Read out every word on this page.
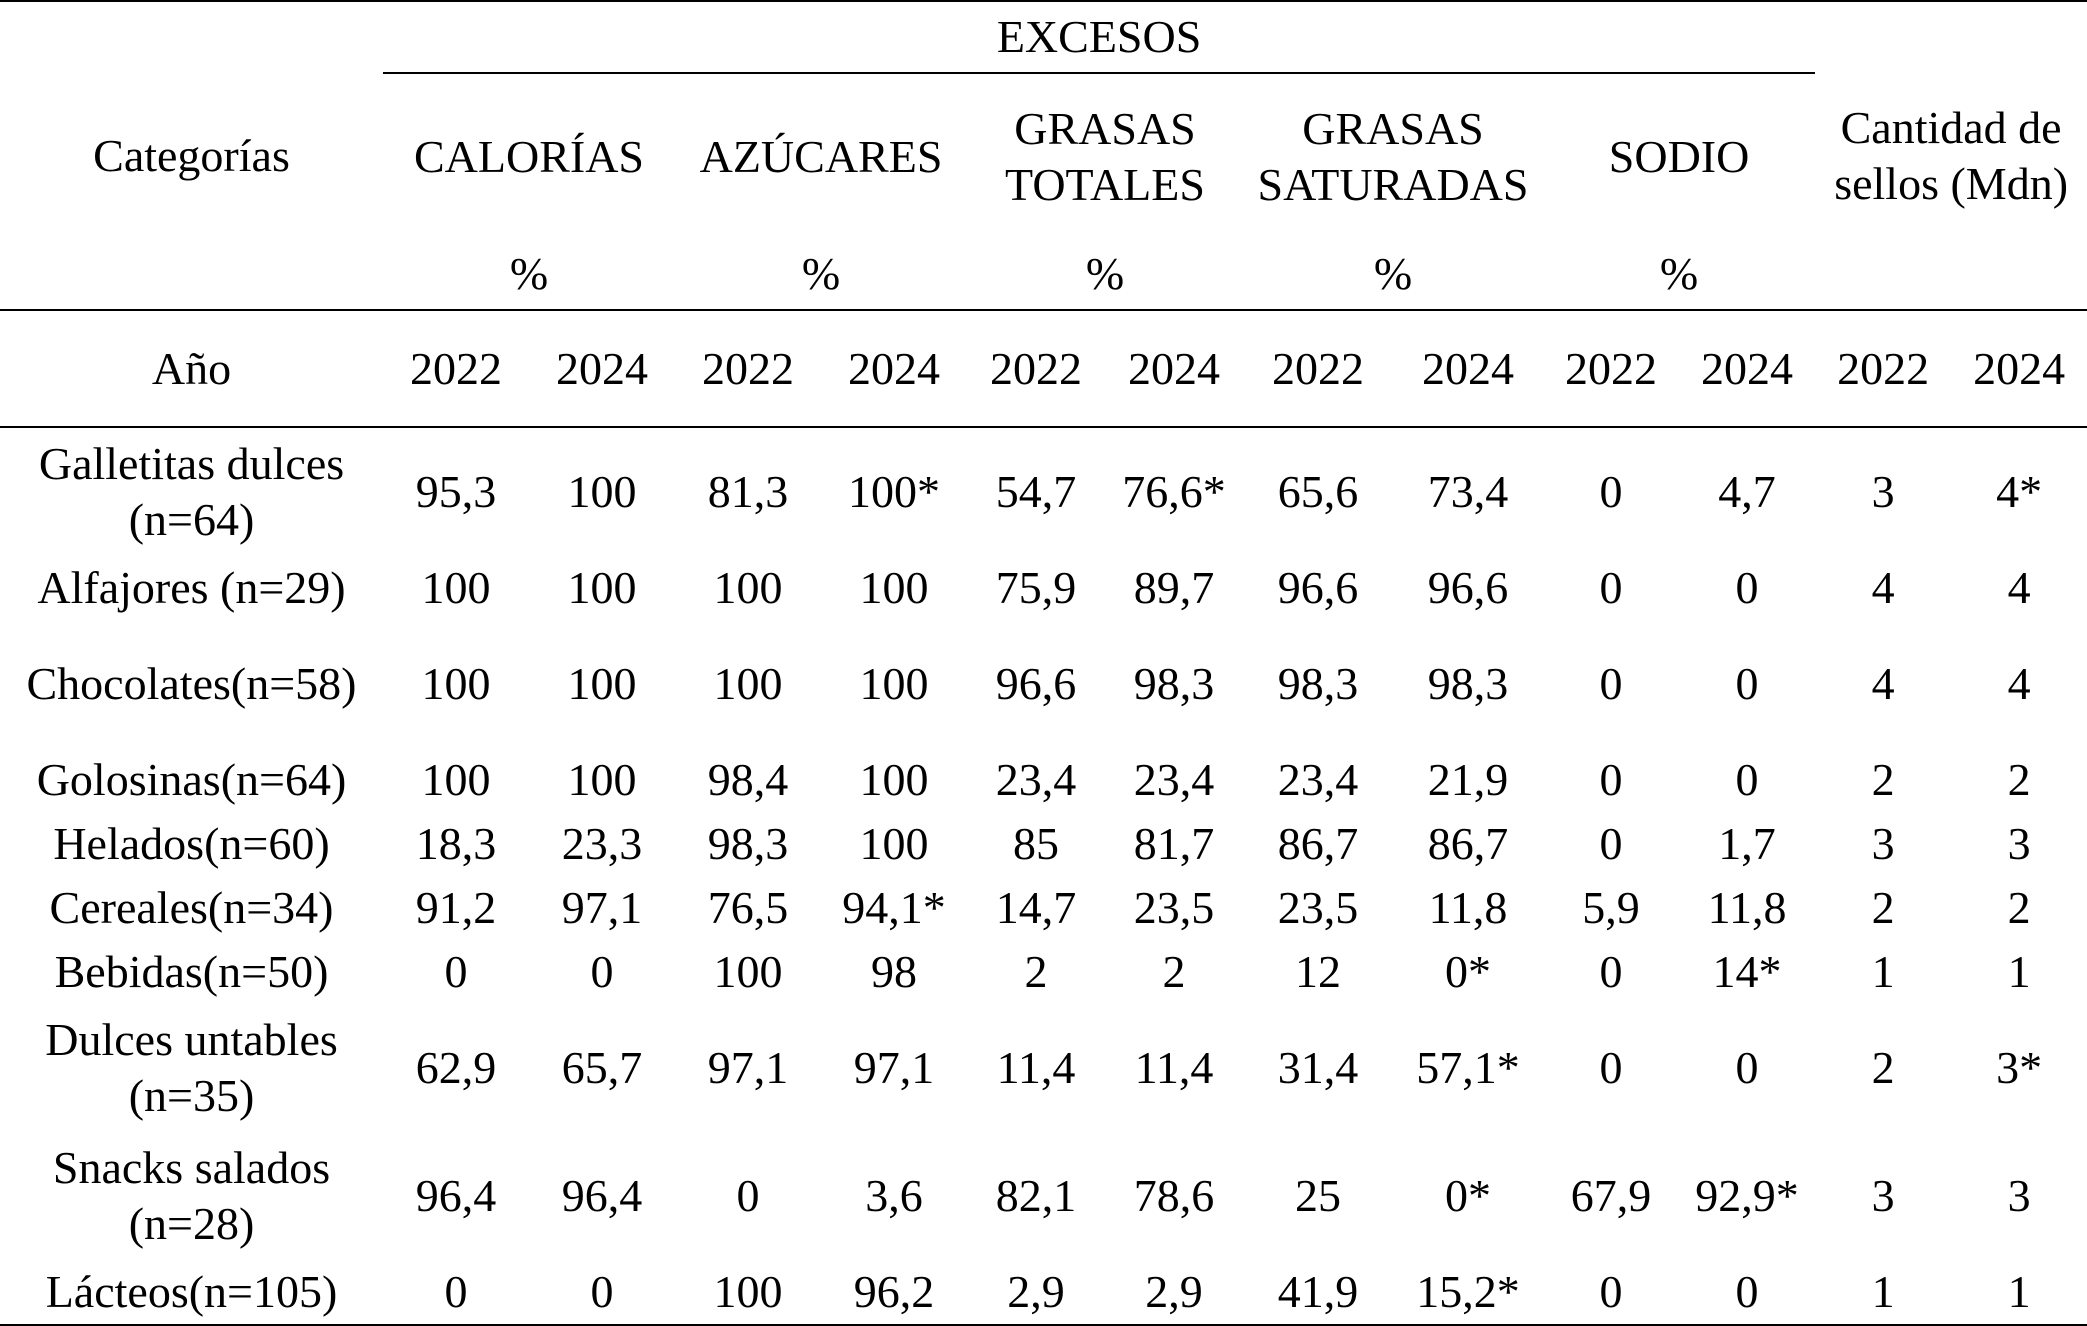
Categorías	EXCESOS										Cantidad de sellos (Mdn)	
	CALORÍAS		AZÚCARES		GRASAS TOTALES		GRASAS SATURADAS		SODIO			
	%		%		%		%		%			
Año	2022	2024	2022	2024	2022	2024	2022	2024	2022	2024	2022	2024
Galletitas dulces (n=64)	95,3	100	81,3	100*	54,7	76,6*	65,6	73,4	0	4,7	3	4*
Alfajores (n=29)	100	100	100	100	75,9	89,7	96,6	96,6	0	0	4	4
Chocolates(n=58)	100	100	100	100	96,6	98,3	98,3	98,3	0	0	4	4
Golosinas(n=64)	100	100	98,4	100	23,4	23,4	23,4	21,9	0	0	2	2
Helados(n=60)	18,3	23,3	98,3	100	85	81,7	86,7	86,7	0	1,7	3	3
Cereales(n=34)	91,2	97,1	76,5	94,1*	14,7	23,5	23,5	11,8	5,9	11,8	2	2
Bebidas(n=50)	0	0	100	98	2	2	12	0*	0	14*	1	1
Dulces untables (n=35)	62,9	65,7	97,1	97,1	11,4	11,4	31,4	57,1*	0	0	2	3*
Snacks salados (n=28)	96,4	96,4	0	3,6	82,1	78,6	25	0*	67,9	92,9*	3	3
Lácteos(n=105)	0	0	100	96,2	2,9	2,9	41,9	15,2*	0	0	1	1
